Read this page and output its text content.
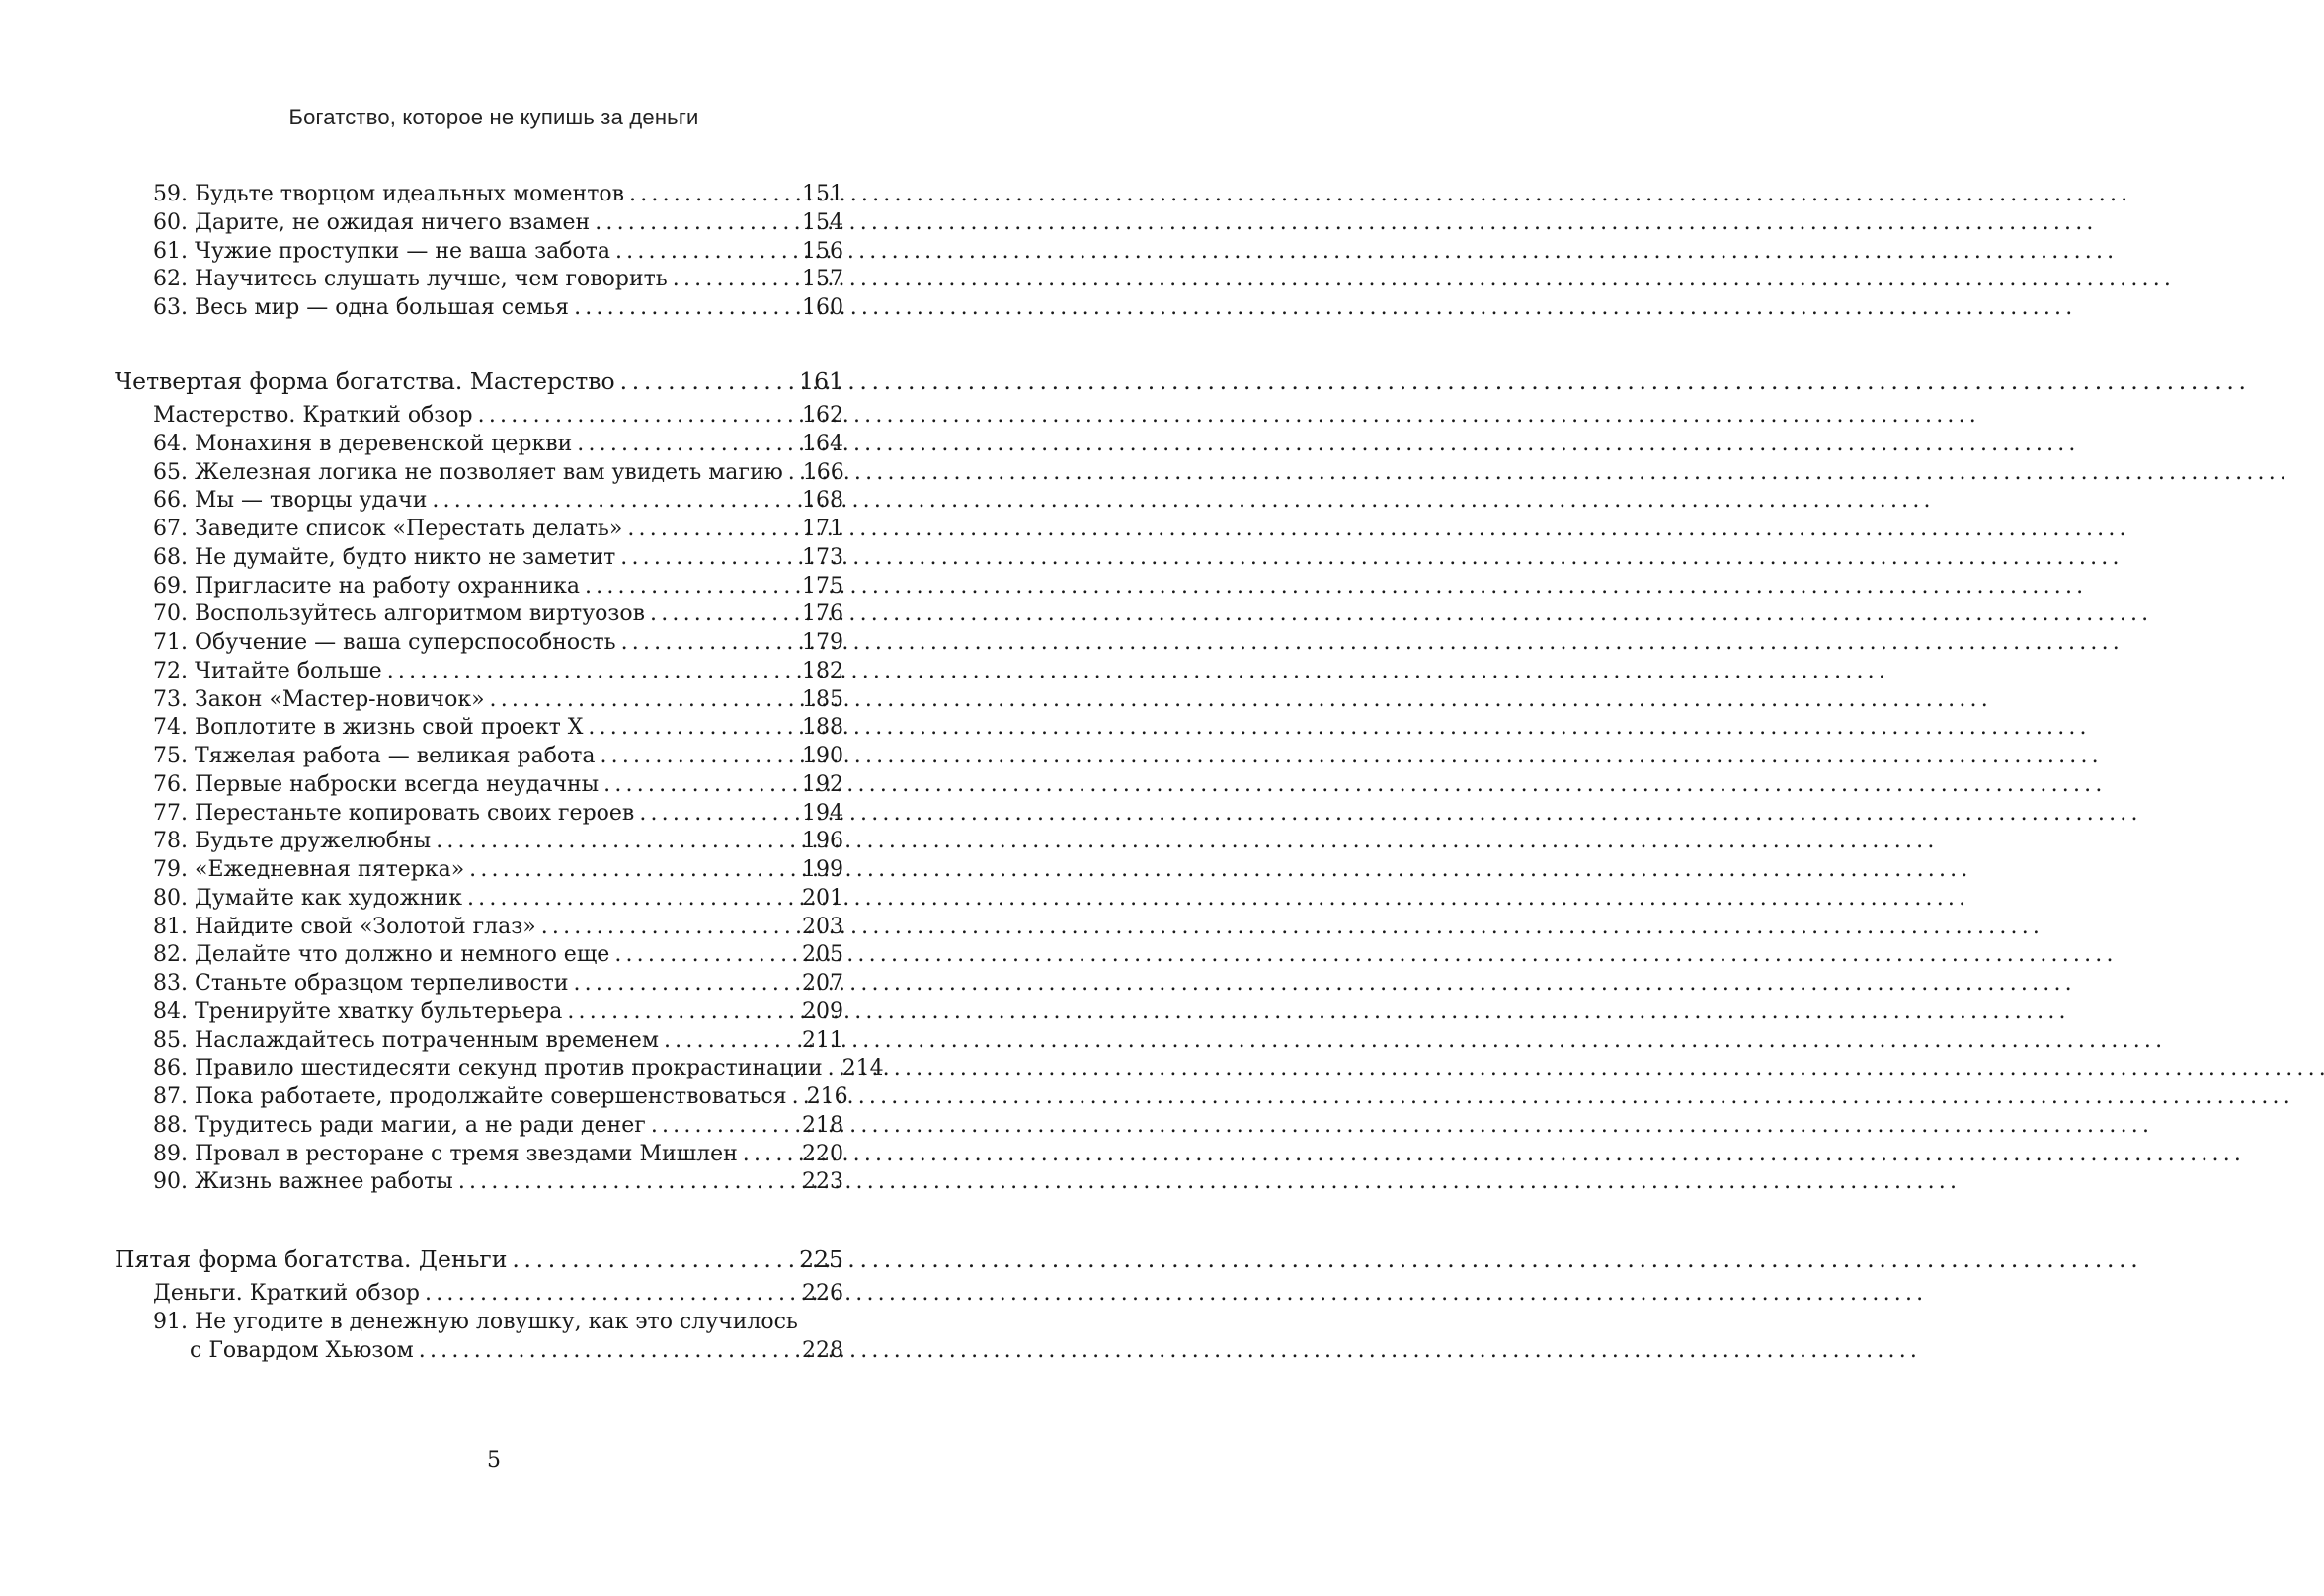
Богатство, которое не купишь за деньги
59. Будьте творцом идеальных моментов . . .	151
60. Дарите, не ожидая ничего взамен . . .	154
61. Чужие проступки — не ваша забота . . .	156
62. Научитесь слушать лучше, чем говорить . . .	157
63. Весь мир — одна большая семья . . .	160
Четвертая форма богатства. Мастерство . . .	161
Мастерство. Краткий обзор . . .	162
64. Монахиня в деревенской церкви . . .	164
65. Железная логика не позволяет вам увидеть магию . . . 166
66. Мы — творцы удачи . . .	168
67. Заведите список «Перестать делать» . . .	171
68. Не думайте, будто никто не заметит . . .	173
69. Пригласите на работу охранника . . .	175
70. Воспользуйтесь алгоритмом виртуозов . . .	176
71. Обучение — ваша суперспособность . . .	179
72. Читайте больше . . .	182
73. Закон «Мастер-новичок» . . .	185
74. Воплотите в жизнь свой проект X . . .	188
75. Тяжелая работа — великая работа . . .	190
76. Первые наброски всегда неудачны . . .	192
77. Перестаньте копировать своих героев . . .	194
78. Будьте дружелюбны . . .	196
79. «Ежедневная пятерка» . . .	199
80. Думайте как художник . . .	201
81. Найдите свой «Золотой глаз» . . .	203
82. Делайте что должно и немного еще . . .	205
83. Станьте образцом терпеливости . . .	207
84. Тренируйте хватку бультерьера . . .	209
85. Наслаждайтесь потраченным временем . . .	211
86. Правило шестидесяти секунд против прокрастинации . . . 214
87. Пока работаете, продолжайте совершенствоваться . . . 216
88. Трудитесь ради магии, а не ради денег . . .	218
89. Провал в ресторане с тремя звездами Мишлен . . .	220
90. Жизнь важнее работы . . .	223
Пятая форма богатства. Деньги . . .	225
Деньги. Краткий обзор . . .	226
91. Не угодите в денежную ловушку, как это случилось
с Говардом Хьюзом . . .	228
5
